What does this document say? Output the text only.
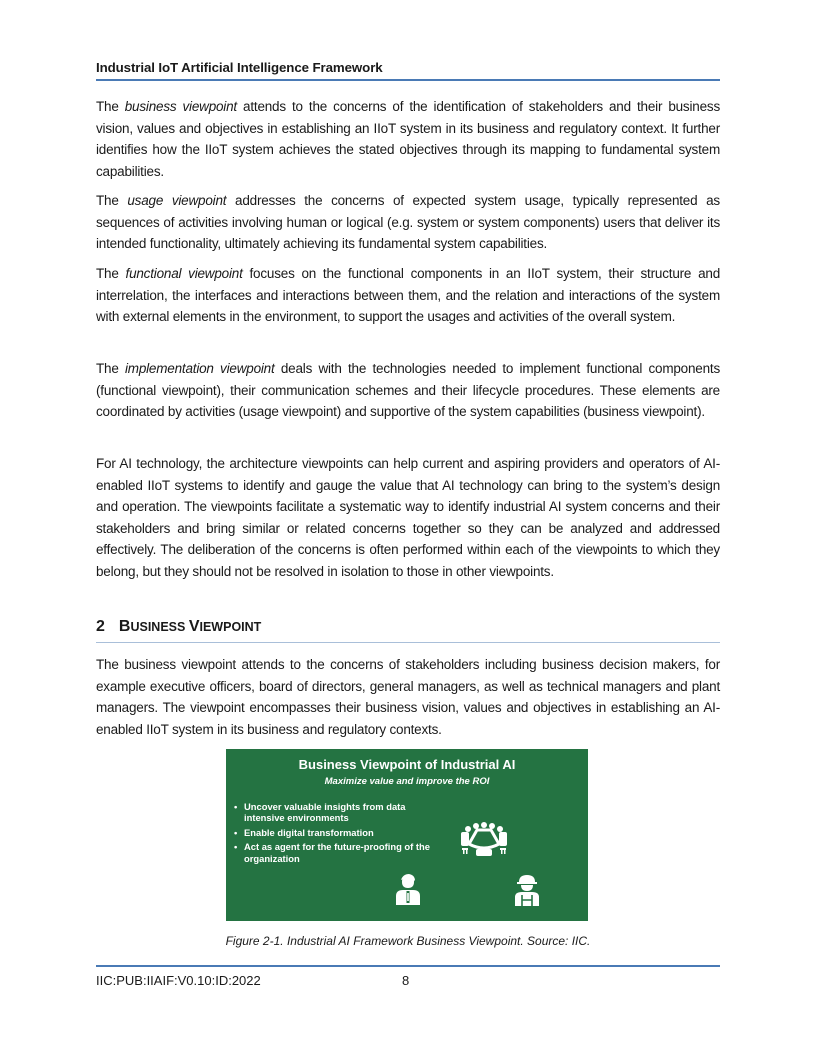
Industrial IoT Artificial Intelligence Framework

The business viewpoint attends to the concerns of the identification of stakeholders and their business vision, values and objectives in establishing an IIoT system in its business and regulatory context. It further identifies how the IIoT system achieves the stated objectives through its mapping to fundamental system capabilities.

The usage viewpoint addresses the concerns of expected system usage, typically represented as sequences of activities involving human or logical (e.g. system or system components) users that deliver its intended functionality, ultimately achieving its fundamental system capabilities.

The functional viewpoint focuses on the functional components in an IIoT system, their structure and interrelation, the interfaces and interactions between them, and the relation and interactions of the system with external elements in the environment, to support the usages and activities of the overall system.

The implementation viewpoint deals with the technologies needed to implement functional components (functional viewpoint), their communication schemes and their lifecycle procedures. These elements are coordinated by activities (usage viewpoint) and supportive of the system capabilities (business viewpoint).

For AI technology, the architecture viewpoints can help current and aspiring providers and operators of AI-enabled IIoT systems to identify and gauge the value that AI technology can bring to the system’s design and operation. The viewpoints facilitate a systematic way to identify industrial AI system concerns and their stakeholders and bring similar or related concerns together so they can be analyzed and addressed effectively. The deliberation of the concerns is often performed within each of the viewpoints to which they belong, but they should not be resolved in isolation to those in other viewpoints.

2 BUSINESS VIEWPOINT

The business viewpoint attends to the concerns of stakeholders including business decision makers, for example executive officers, board of directors, general managers, as well as technical managers and plant managers. The viewpoint encompasses their business vision, values and objectives in establishing an AI-enabled IIoT system in its business and regulatory contexts.

Business Viewpoint of Industrial AI
Maximize value and improve the ROI
• Uncover valuable insights from data intensive environments
• Enable digital transformation
• Act as agent for the future-proofing of the organization
Figure 2-1. Industrial AI Framework Business Viewpoint. Source: IIC.
IIC:PUB:IIAIF:V0.10:ID:2022	8
